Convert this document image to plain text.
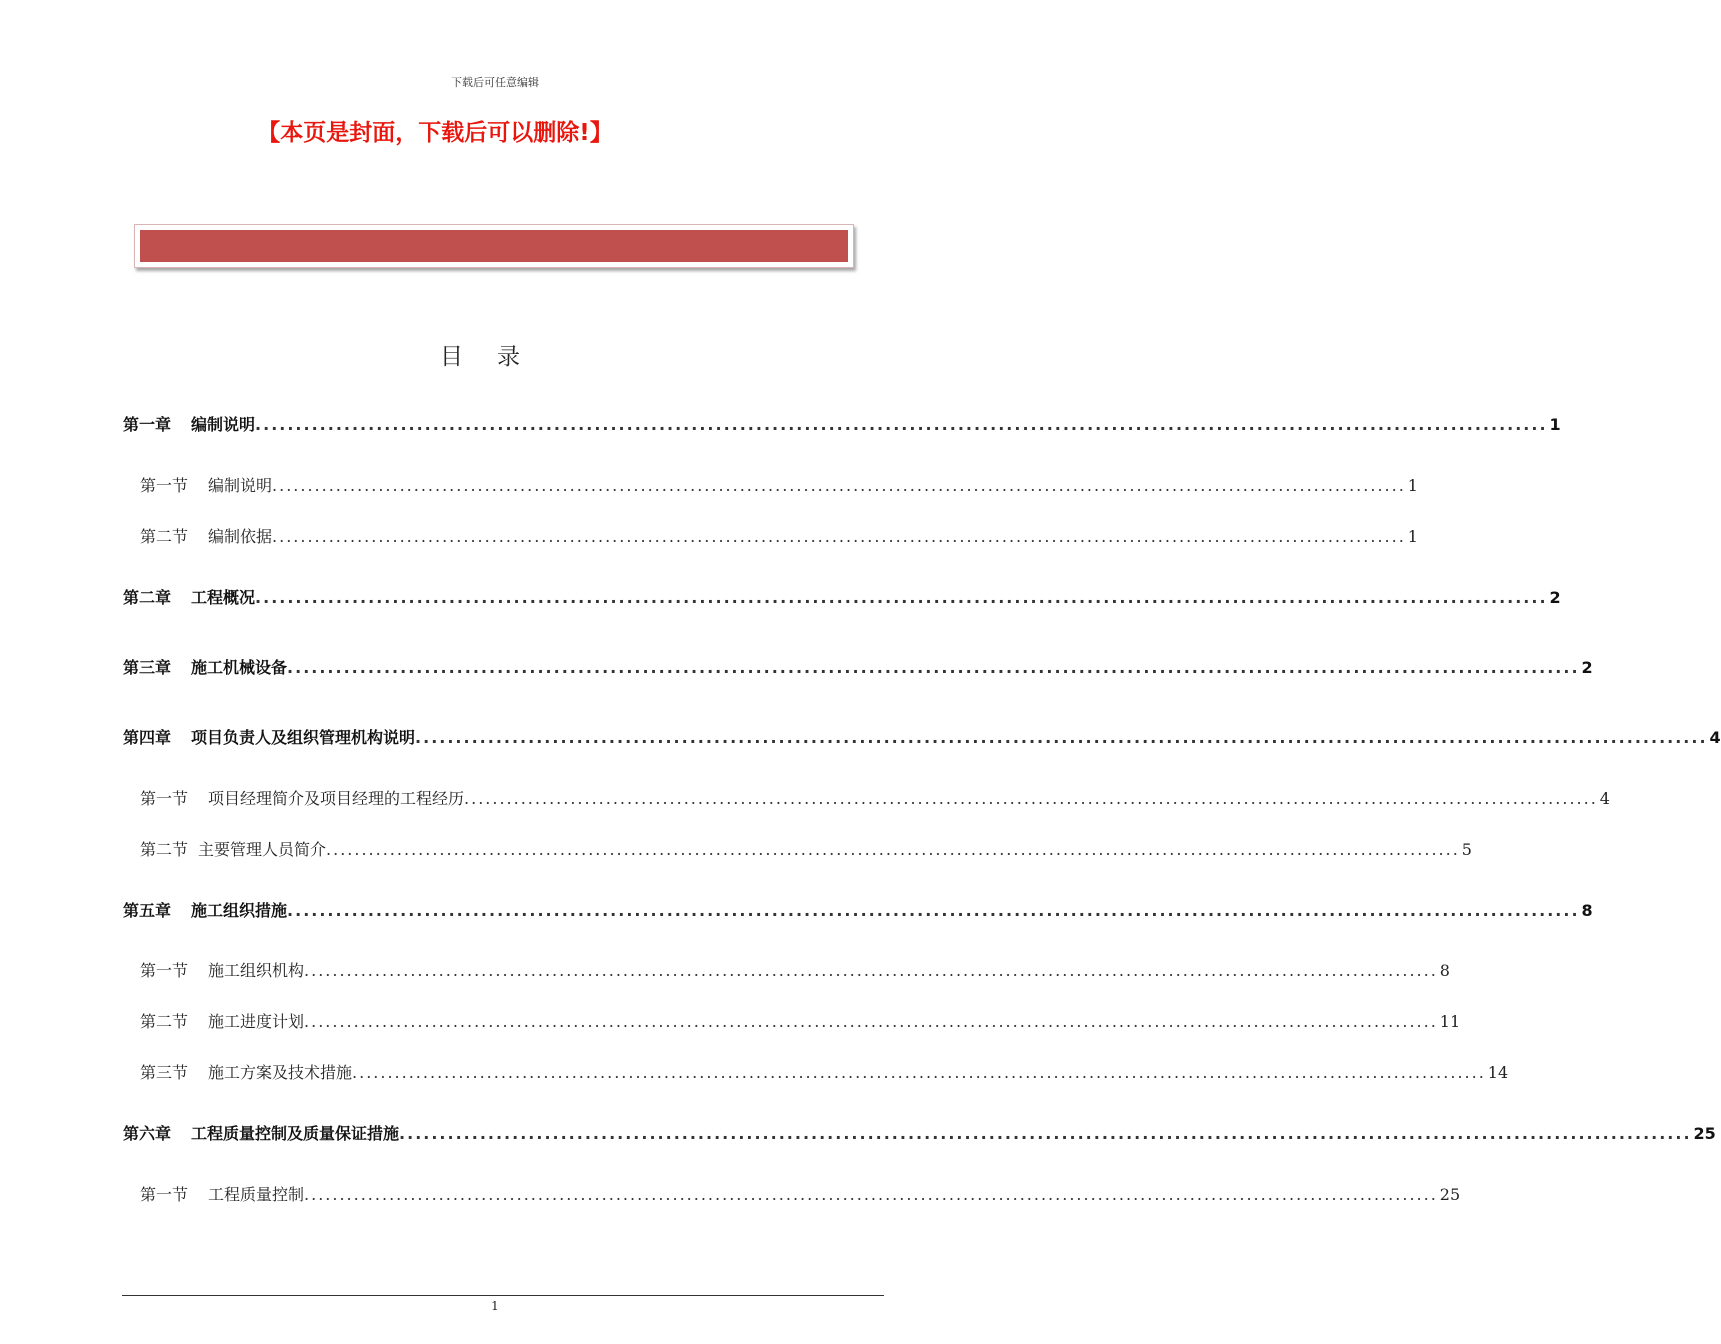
下载后可任意编辑
【本页是封面，下载后可以删除!】
目录
第一章 编制说明 ................................................................................................................................................................ 1
第一节 编制说明 ................................................................................................................................................................ 1
第二节 编制依据 ................................................................................................................................................................ 1
第二章 工程概况 ................................................................................................................................................................ 2
第三章 施工机械设备 ................................................................................................................................................................ 2
第四章 项目负责人及组织管理机构说明 ................................................................................................................................................................ 4
第一节 项目经理简介及项目经理的工程经历 ................................................................................................................................................................ 4
第二节 主要管理人员简介 ................................................................................................................................................................ 5
第五章 施工组织措施 ................................................................................................................................................................ 8
第一节 施工组织机构 ................................................................................................................................................................ 8
第二节 施工进度计划 ................................................................................................................................................................ 11
第三节 施工方案及技术措施 ................................................................................................................................................................ 14
第六章 工程质量控制及质量保证措施 ................................................................................................................................................................ 25
第一节 工程质量控制 ................................................................................................................................................................ 25
1
